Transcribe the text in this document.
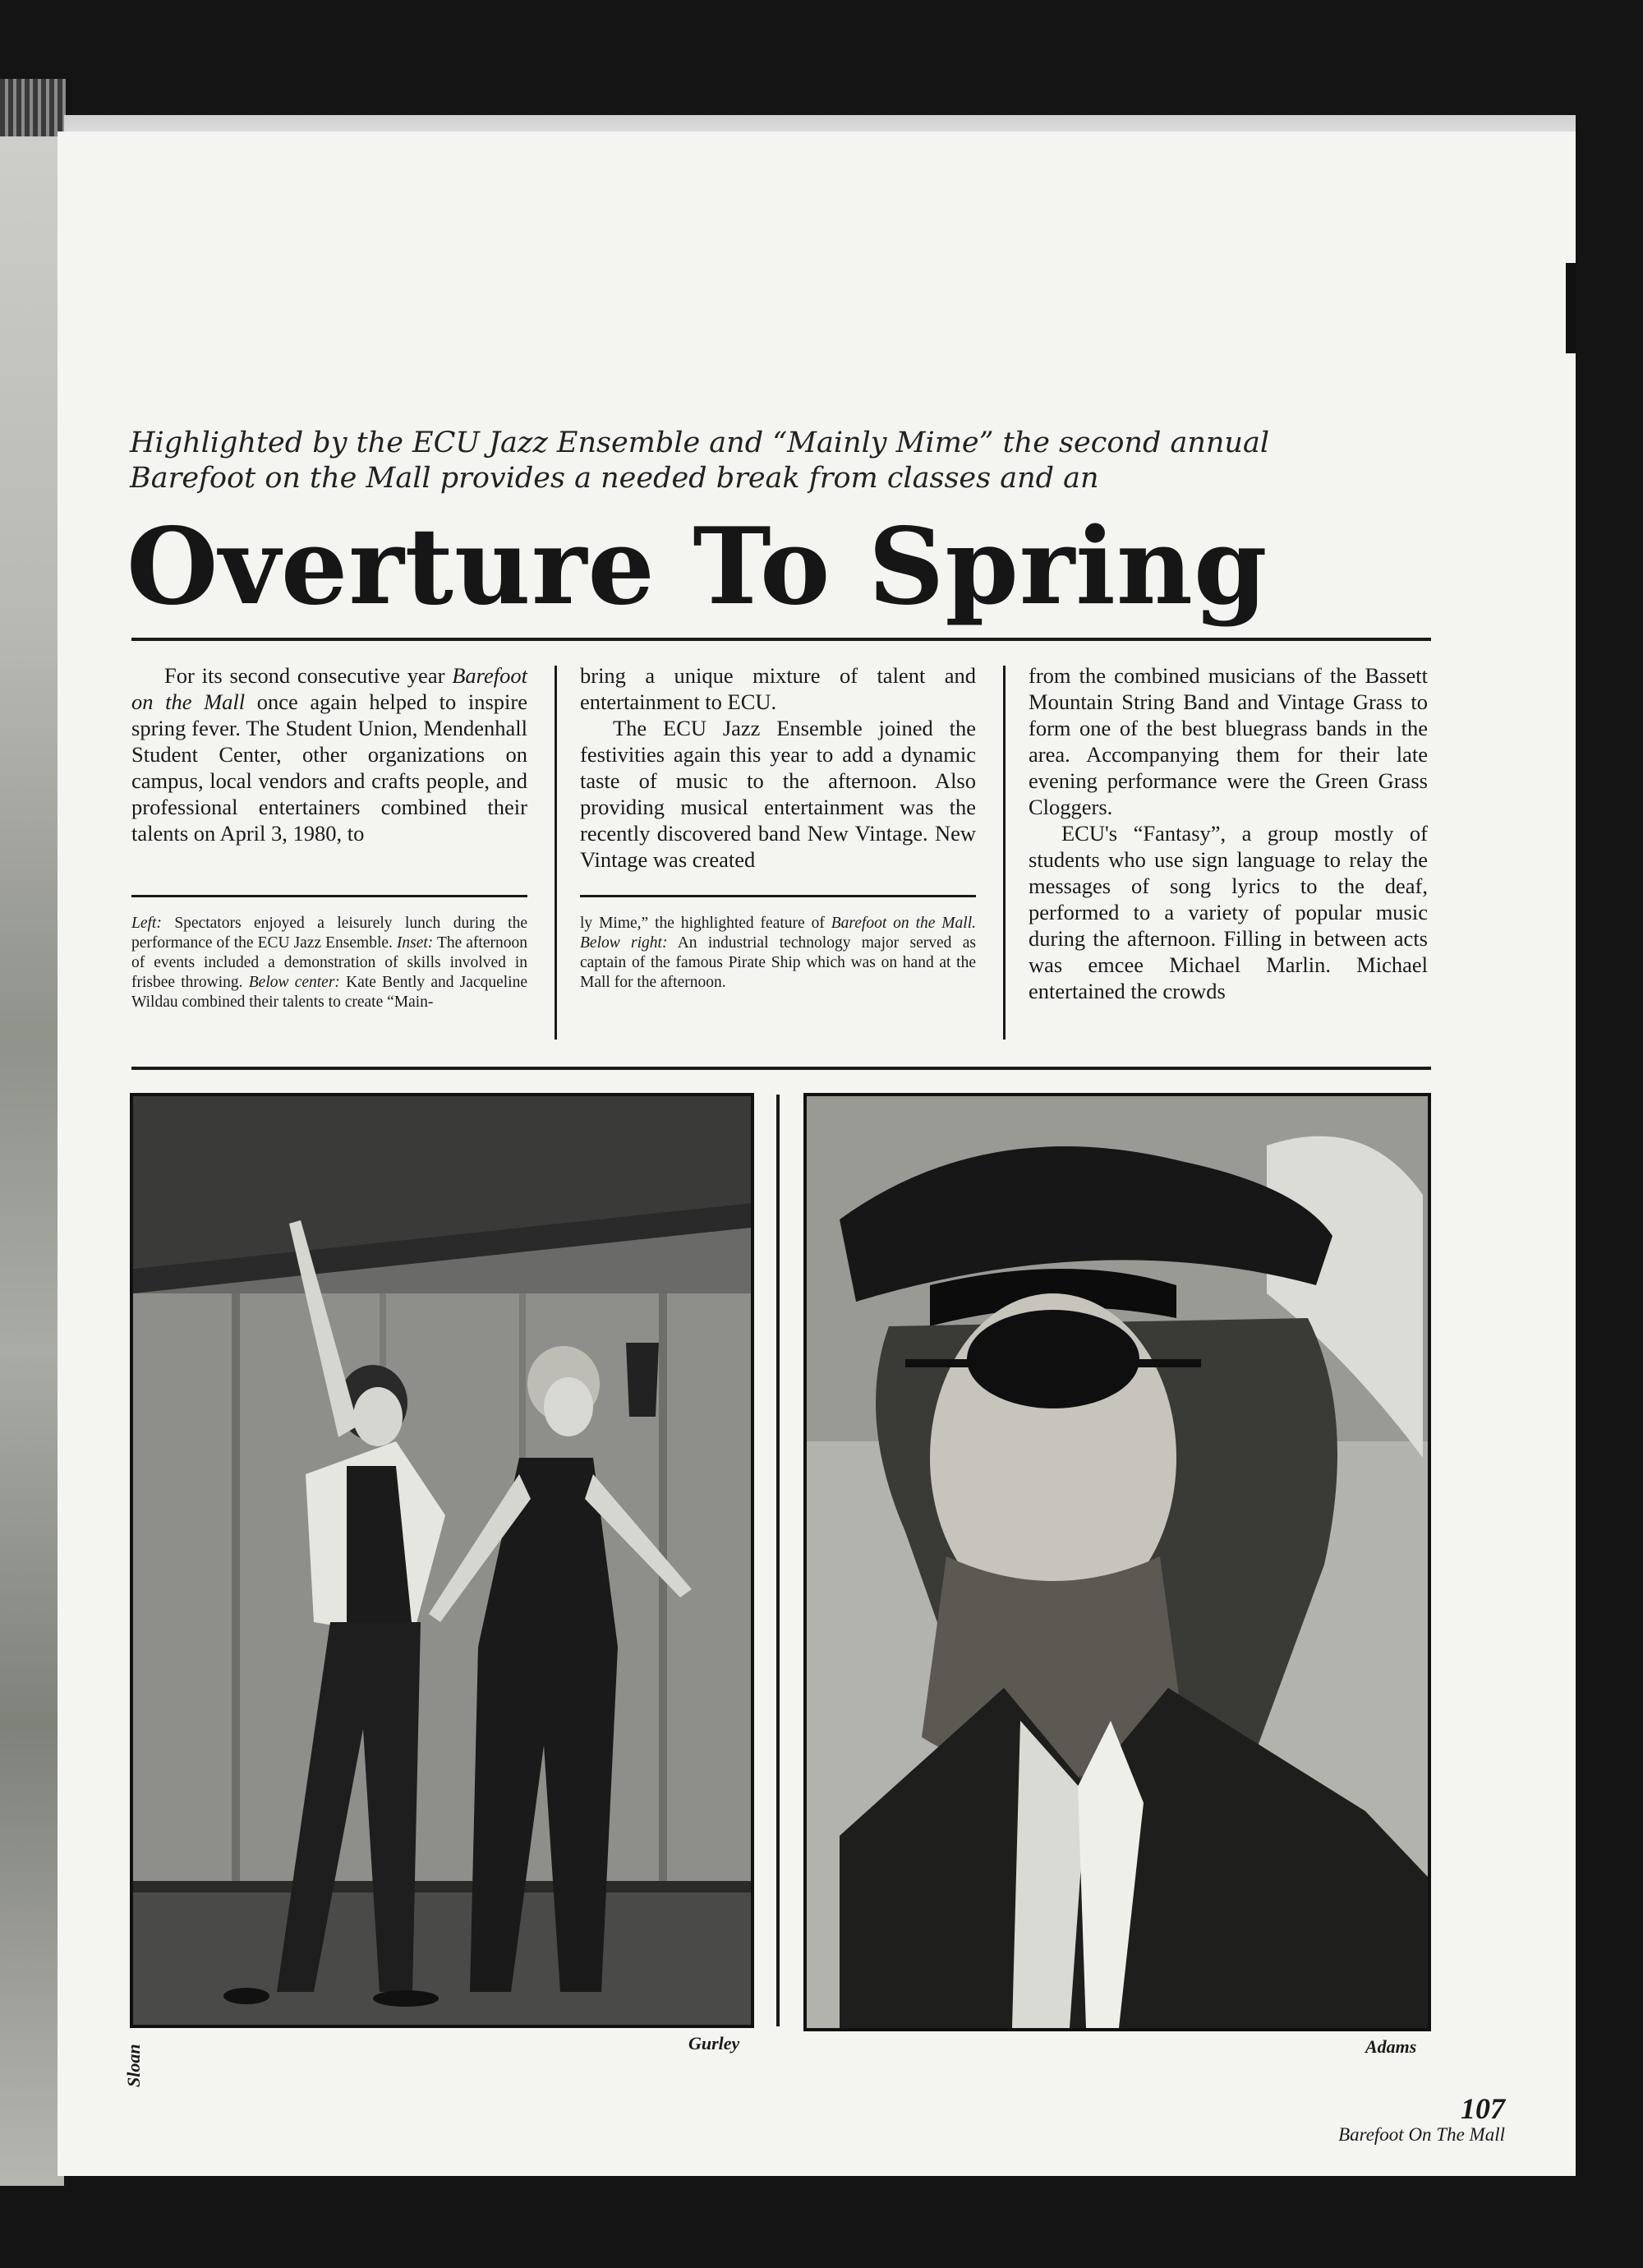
Highlighted by the ECU Jazz Ensemble and “Mainly Mime” the second annual
Barefoot on the Mall provides a needed break from classes and an
Overture To Spring

For its second consecutive year Barefoot on the Mall once again helped to inspire spring fever. The Student Union, Mendenhall Student Center, other organizations on campus, local vendors and crafts people, and professional entertainers combined their talents on April 3, 1980, to

Left: Spectators enjoyed a leisurely lunch during the performance of the ECU Jazz Ensemble. Inset: The afternoon of events included a demonstration of skills involved in frisbee throwing. Below center: Kate Bently and Jacqueline Wildau combined their talents to create “Main-

bring a unique mixture of talent and entertainment to ECU.

The ECU Jazz Ensemble joined the festivities again this year to add a dynamic taste of music to the afternoon. Also providing musical entertainment was the recently discovered band New Vintage. New Vintage was created

ly Mime,” the highlighted feature of Barefoot on the Mall. Below right: An industrial technology major served as captain of the famous Pirate Ship which was on hand at the Mall for the afternoon.

from the combined musicians of the Bassett Mountain String Band and Vintage Grass to form one of the best bluegrass bands in the area. Accompanying them for their late evening performance were the Green Grass Cloggers.

ECU's “Fantasy”, a group mostly of students who use sign language to relay the messages of song lyrics to the deaf, performed to a variety of popular music during the afternoon. Filling in between acts was emcee Michael Marlin. Michael entertained the crowds

Gurley	Adams
Sloan
107
Barefoot On The Mall
